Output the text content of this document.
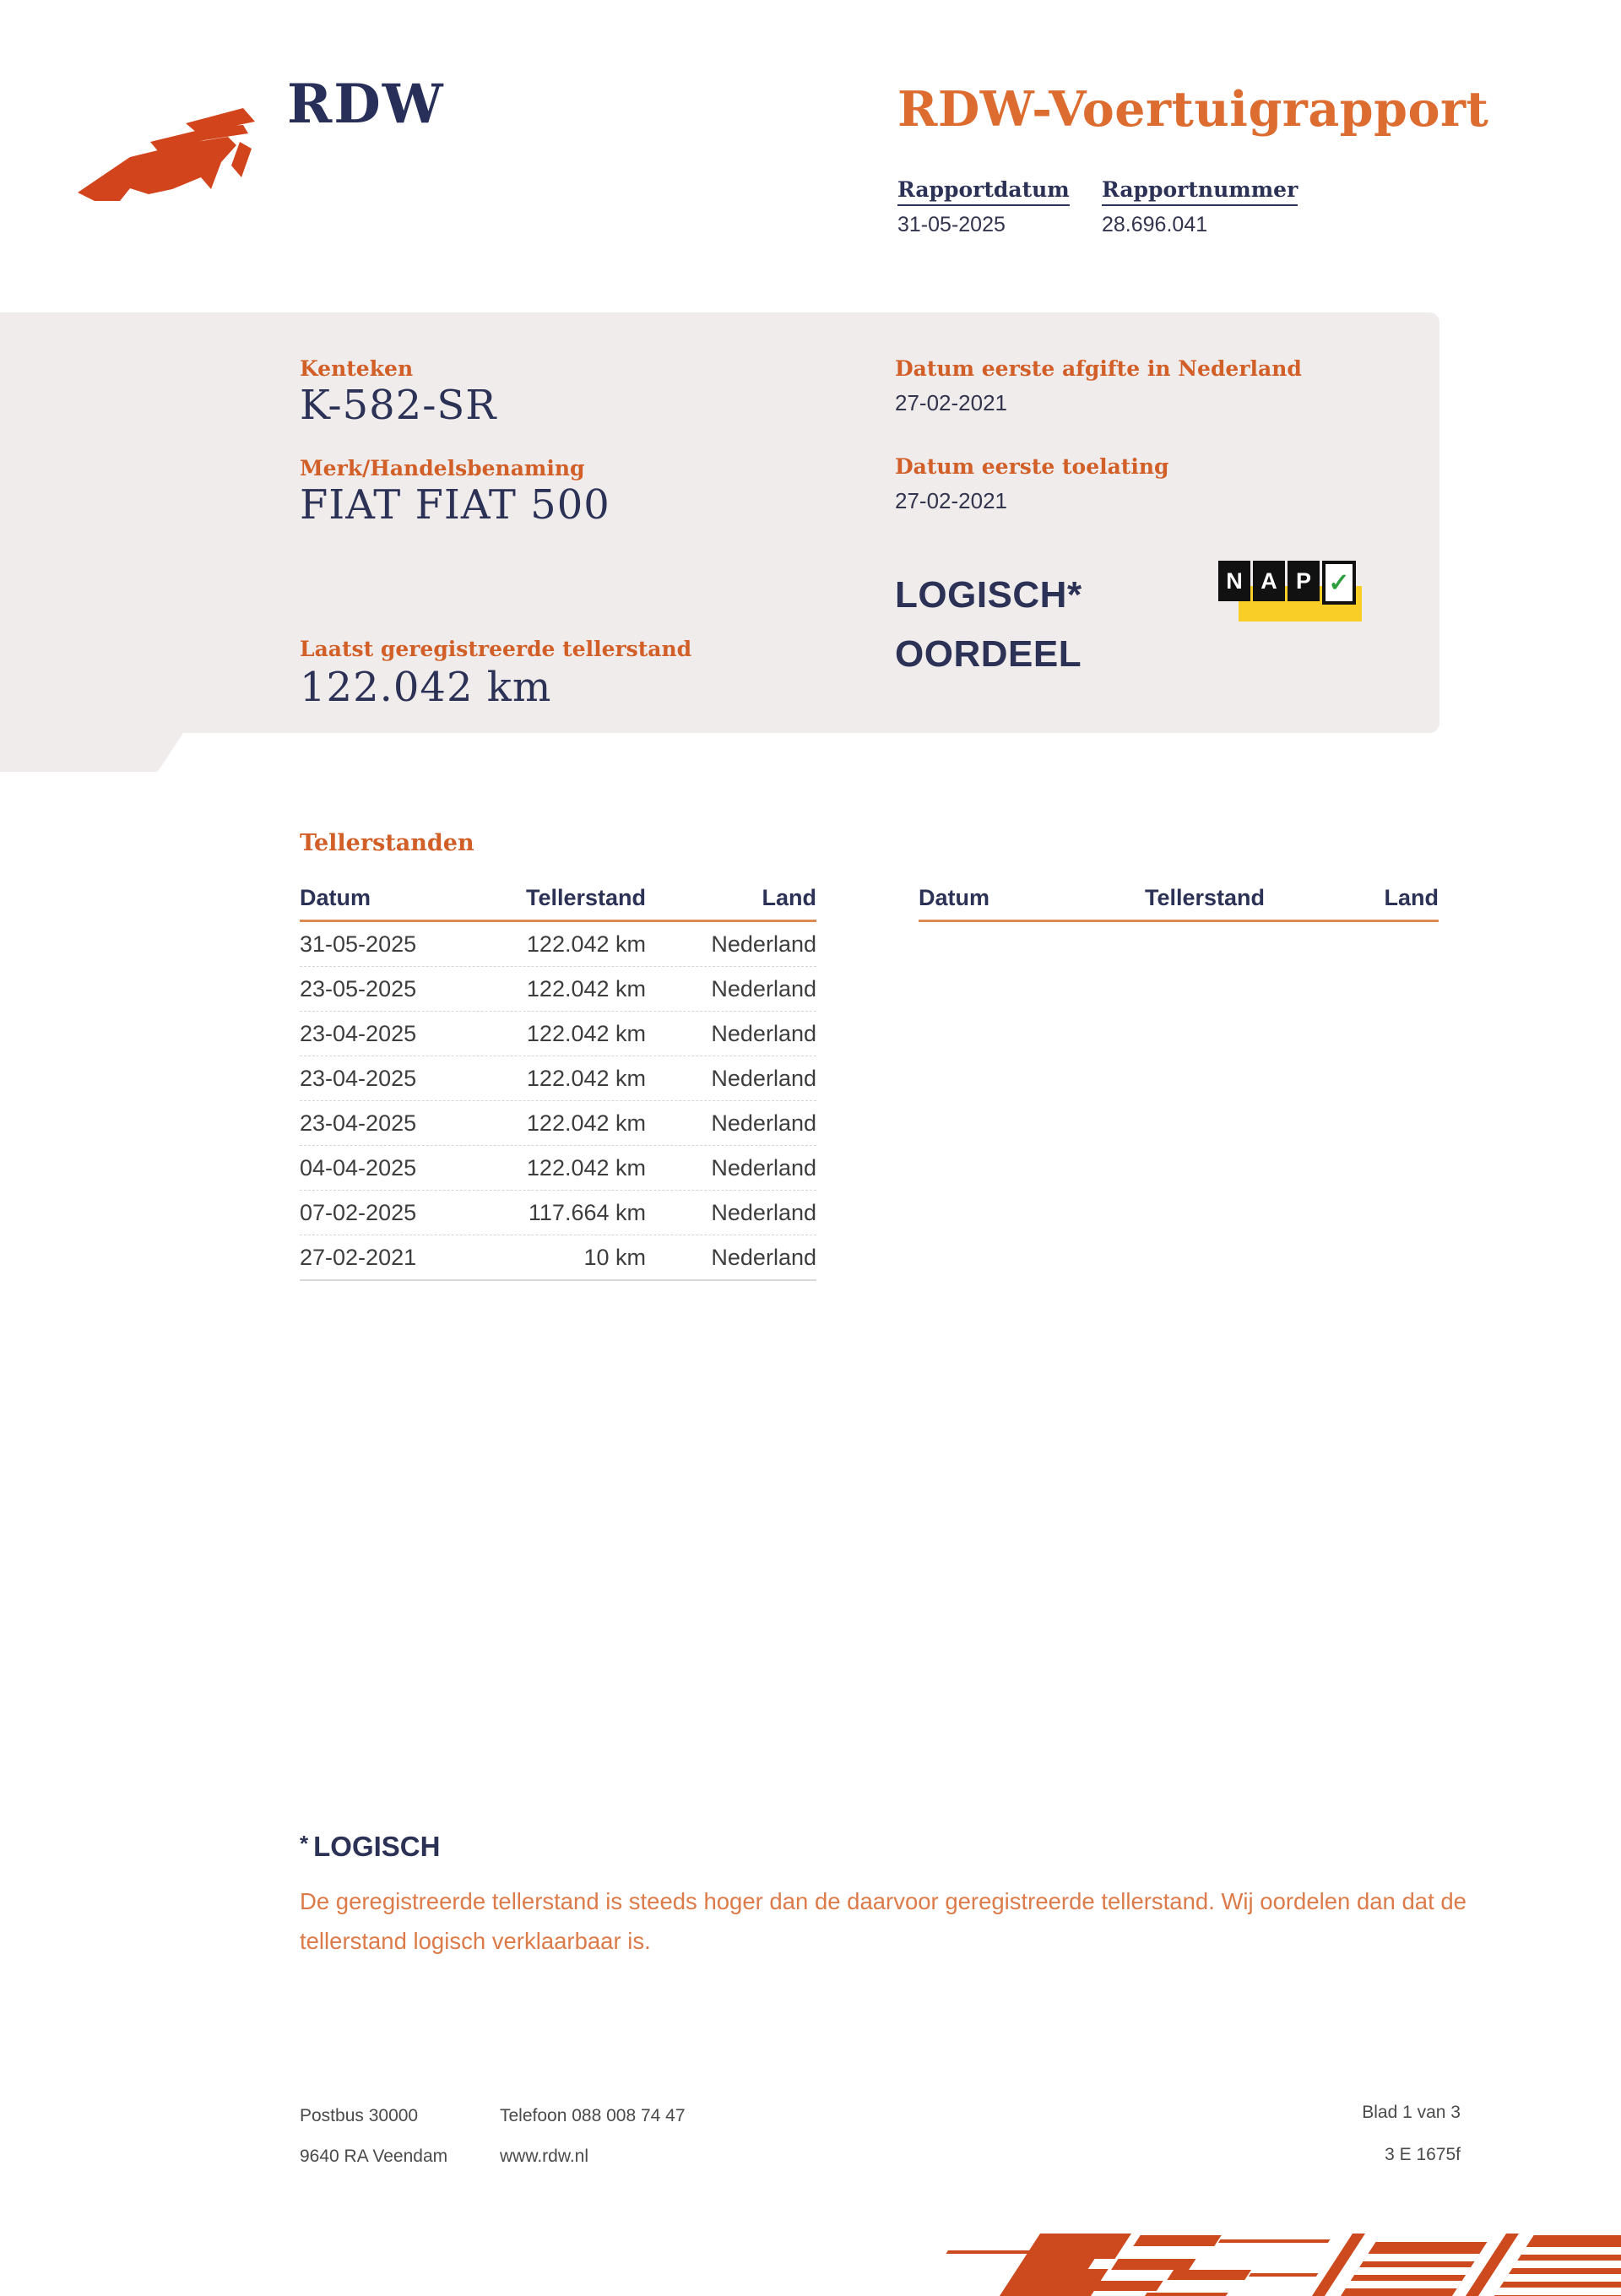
RDW	RDW-Voertuigrapport
Rapportdatum Rapportnummer
31-05-2025	28.696.041
Kenteken
K-582-SR
Merk/Handelsbenaming
FIAT FIAT 500
Laatst geregistreerde tellerstand
122.042 km
Datum eerste afgifte in Nederland
27-02-2021
Datum eerste toelating
27-02-2021
LOGISCH*
OORDEEL
N A P ✓
Tellerstanden
Datum	Tellerstand	Land
31-05-2025	122.042 km	Nederland
23-05-2025	122.042 km	Nederland
23-04-2025	122.042 km	Nederland
23-04-2025	122.042 km	Nederland
23-04-2025	122.042 km	Nederland
04-04-2025	122.042 km	Nederland
07-02-2025	117.664 km	Nederland
27-02-2021	10 km	Nederland
Datum	Tellerstand	Land
* LOGISCH
De geregistreerde tellerstand is steeds hoger dan de daarvoor geregistreerde tellerstand. Wij oordelen dan dat de tellerstand logisch verklaarbaar is.
Postbus 30000
9640 RA Veendam
Telefoon 088 008 74 47
www.rdw.nl
Blad 1 van 3
3 E 1675f
